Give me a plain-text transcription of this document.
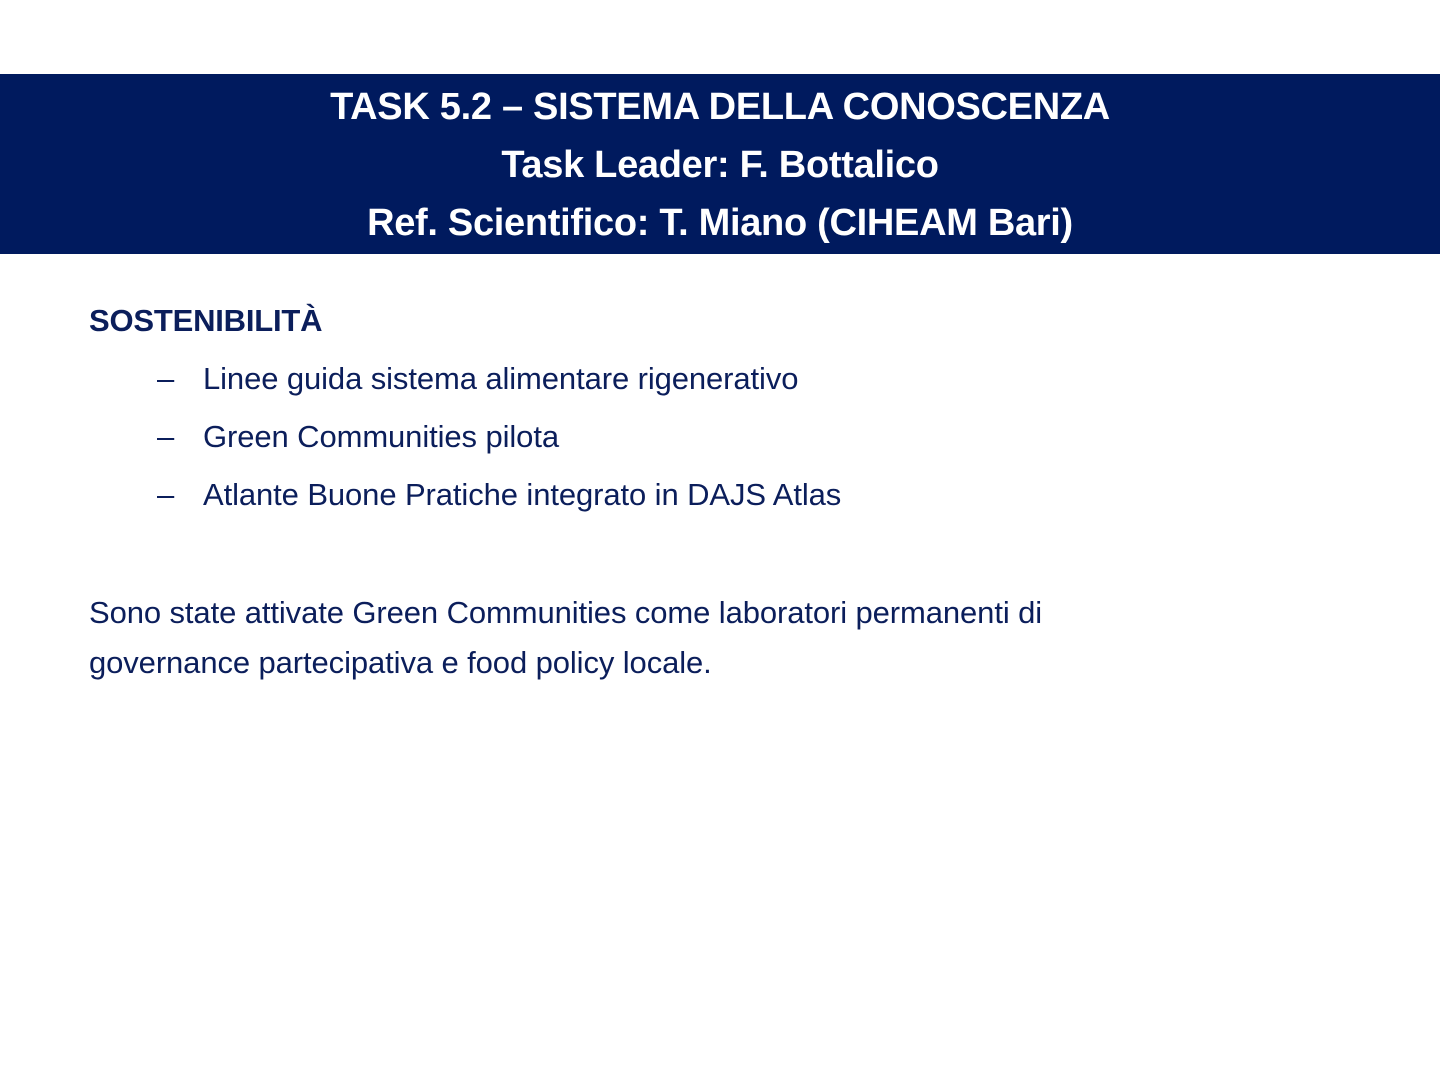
TASK 5.2 – SISTEMA DELLA CONOSCENZA
Task Leader: F. Bottalico
Ref. Scientifico: T. Miano (CIHEAM Bari)

SOSTENIBILITÀ

– Linee guida sistema alimentare rigenerativo
– Green Communities pilota
– Atlante Buone Pratiche integrato in DAJS Atlas
Sono state attivate Green Communities come laboratori permanenti di
governance partecipativa e food policy locale.
